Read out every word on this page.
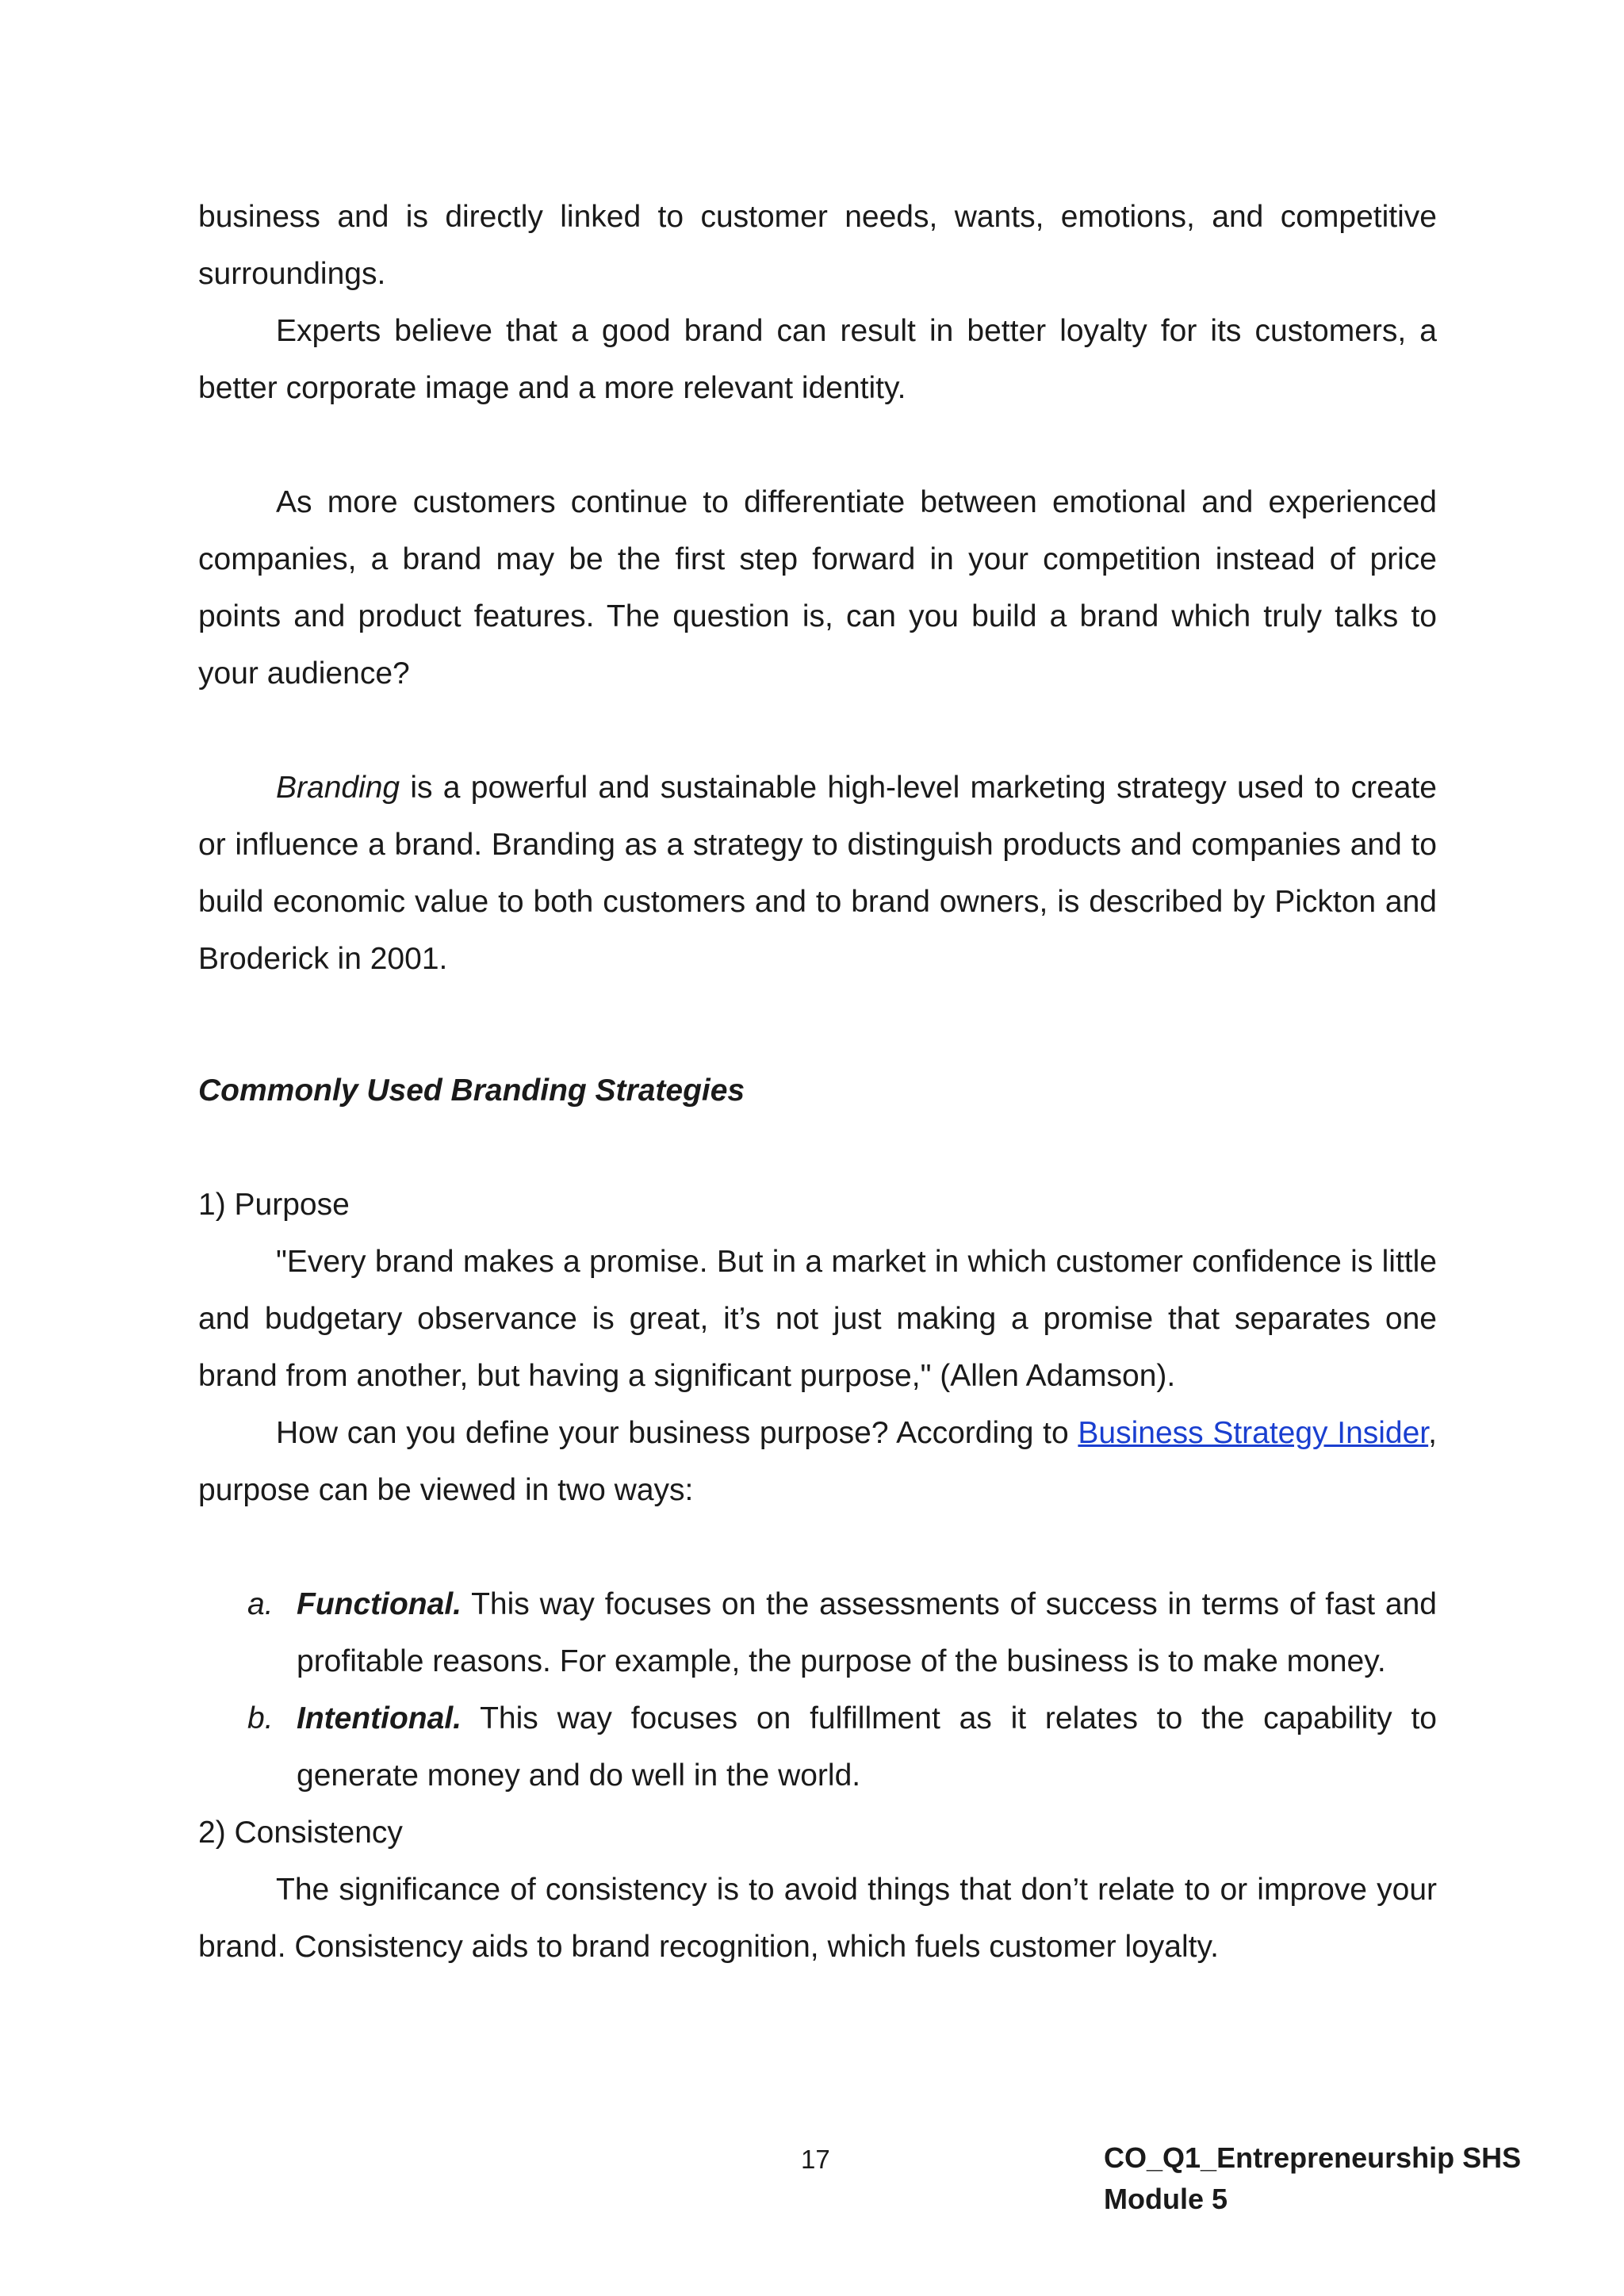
business and is directly linked to customer needs, wants, emotions, and competitive surroundings.

Experts believe that a good brand can result in better loyalty for its customers, a better corporate image and a more relevant identity.

As more customers continue to differentiate between emotional and experienced companies, a brand may be the first step forward in your competition instead of price points and product features. The question is, can you build a brand which truly talks to your audience?

Branding is a powerful and sustainable high-level marketing strategy used to create or influence a brand. Branding as a strategy to distinguish products and companies and to build economic value to both customers and to brand owners, is described by Pickton and Broderick in 2001.

Commonly Used Branding Strategies

1) Purpose

"Every brand makes a promise. But in a market in which customer confidence is little and budgetary observance is great, it’s not just making a promise that separates one brand from another, but having a significant purpose," (Allen Adamson).

How can you define your business purpose? According to Business Strategy Insider, purpose can be viewed in two ways:

a. Functional. This way focuses on the assessments of success in terms of fast and profitable reasons. For example, the purpose of the business is to make money.
b. Intentional. This way focuses on fulfillment as it relates to the capability to generate money and do well in the world.

2) Consistency

The significance of consistency is to avoid things that don’t relate to or improve your brand. Consistency aids to brand recognition, which fuels customer loyalty.

17	CO_Q1_Entrepreneurship SHS
Module 5
